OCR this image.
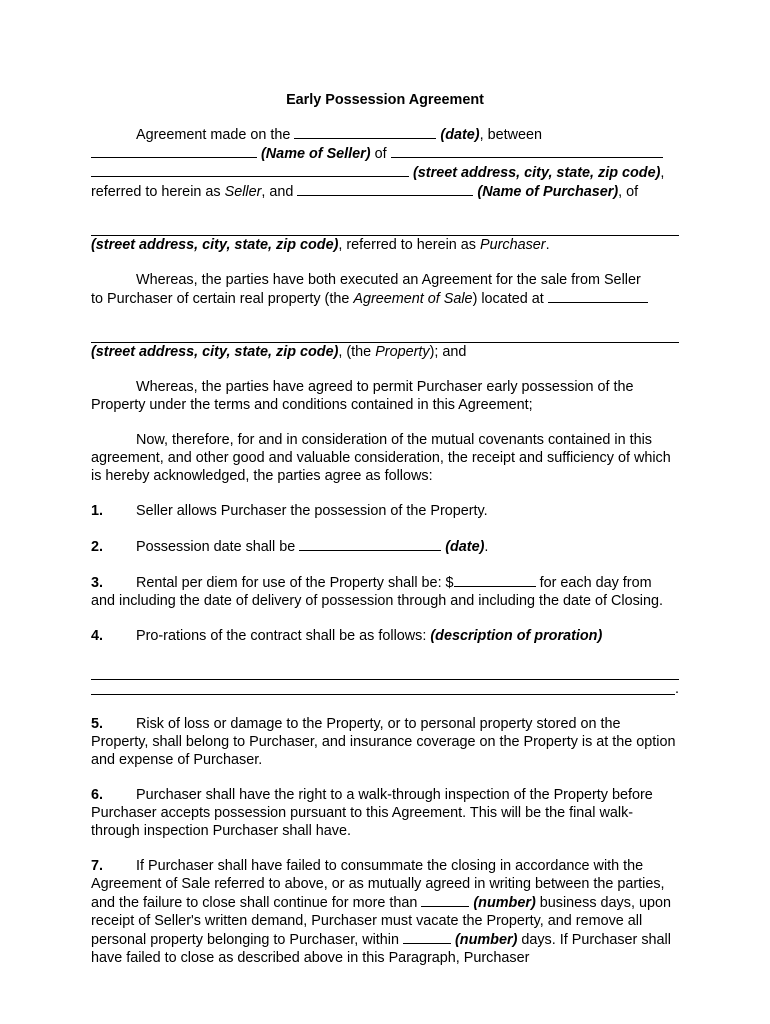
Early Possession Agreement

Agreement made on the	(date), between
(Name of Seller) of
(street address, city, state, zip code),
referred to herein as Seller, and	(Name of Purchaser), of

(street address, city, state, zip code), referred to herein as Purchaser.

Whereas, the parties have both executed an Agreement for the sale from Seller
to Purchaser of certain real property (the Agreement of Sale) located at

(street address, city, state, zip code), (the Property); and

Whereas, the parties have agreed to permit Purchaser early possession of the Property under the terms and conditions contained in this Agreement;

Now, therefore, for and in consideration of the mutual covenants contained in this agreement, and other good and valuable consideration, the receipt and sufficiency of which is hereby acknowledged, the parties agree as follows:

1. Seller allows Purchaser the possession of the Property.

2. Possession date shall be	(date).

3. Rental per diem for use of the Property shall be: $	for each day from and including the date of delivery of possession through and including the date of Closing.

4. Pro-rations of the contract shall be as follows: (description of proration)

.

5. Risk of loss or damage to the Property, or to personal property stored on the Property, shall belong to Purchaser, and insurance coverage on the Property is at the option and expense of Purchaser.

6. Purchaser shall have the right to a walk-through inspection of the Property before Purchaser accepts possession pursuant to this Agreement. This will be the final walk-through inspection Purchaser shall have.

7. If Purchaser shall have failed to consummate the closing in accordance with the Agreement of Sale referred to above, or as mutually agreed in writing between the parties, and the failure to close shall continue for more than	(number) business days, upon receipt of Seller's written demand, Purchaser must vacate the Property, and remove all personal property belonging to Purchaser, within	(number) days. If Purchaser shall have failed to close as described above in this Paragraph, Purchaser
